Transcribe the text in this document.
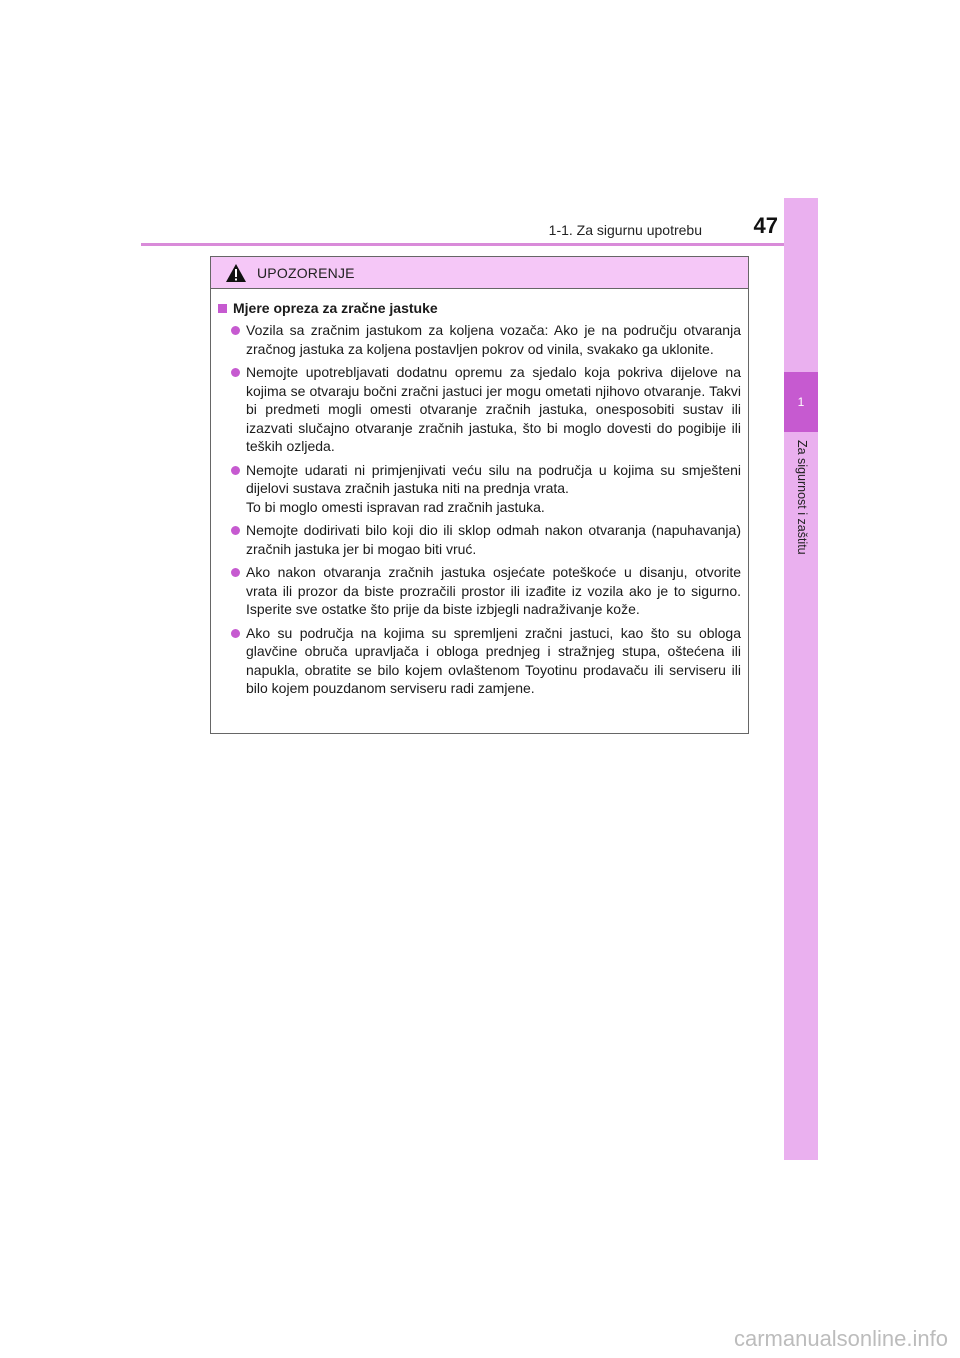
1-1. Za sigurnu upotrebu	47
1
Za sigurnost i zaštitu
UPOZORENJE
Mjere opreza za zračne jastuke
Vozila sa zračnim jastukom za koljena vozača: Ako je na području otvaranja zračnog jastuka za koljena postavljen pokrov od vinila, svakako ga uklonite.
Nemojte upotrebljavati dodatnu opremu za sjedalo koja pokriva dijelove na kojima se otvaraju bočni zračni jastuci jer mogu ometati njihovo otvaranje. Takvi bi predmeti mogli omesti otvaranje zračnih jastuka, onesposobiti sustav ili izazvati slučajno otvaranje zračnih jastuka, što bi moglo dovesti do pogibije ili teških ozljeda.
Nemojte udarati ni primjenjivati veću silu na područja u kojima su smješteni dijelovi sustava zračnih jastuka niti na prednja vrata.
To bi moglo omesti ispravan rad zračnih jastuka.
Nemojte dodirivati bilo koji dio ili sklop odmah nakon otvaranja (napuhavanja) zračnih jastuka jer bi mogao biti vruć.
Ako nakon otvaranja zračnih jastuka osjećate poteškoće u disanju, otvorite vrata ili prozor da biste prozračili prostor ili izađite iz vozila ako je to sigurno. Isperite sve ostatke što prije da biste izbjegli nadraživanje kože.
Ako su područja na kojima su spremljeni zračni jastuci, kao što su obloga glavčine obruča upravljača i obloga prednjeg i stražnjeg stupa, oštećena ili napukla, obratite se bilo kojem ovlaštenom Toyotinu prodavaču ili serviseru ili bilo kojem pouzdanom serviseru radi zamjene.
carmanualsonline.info
